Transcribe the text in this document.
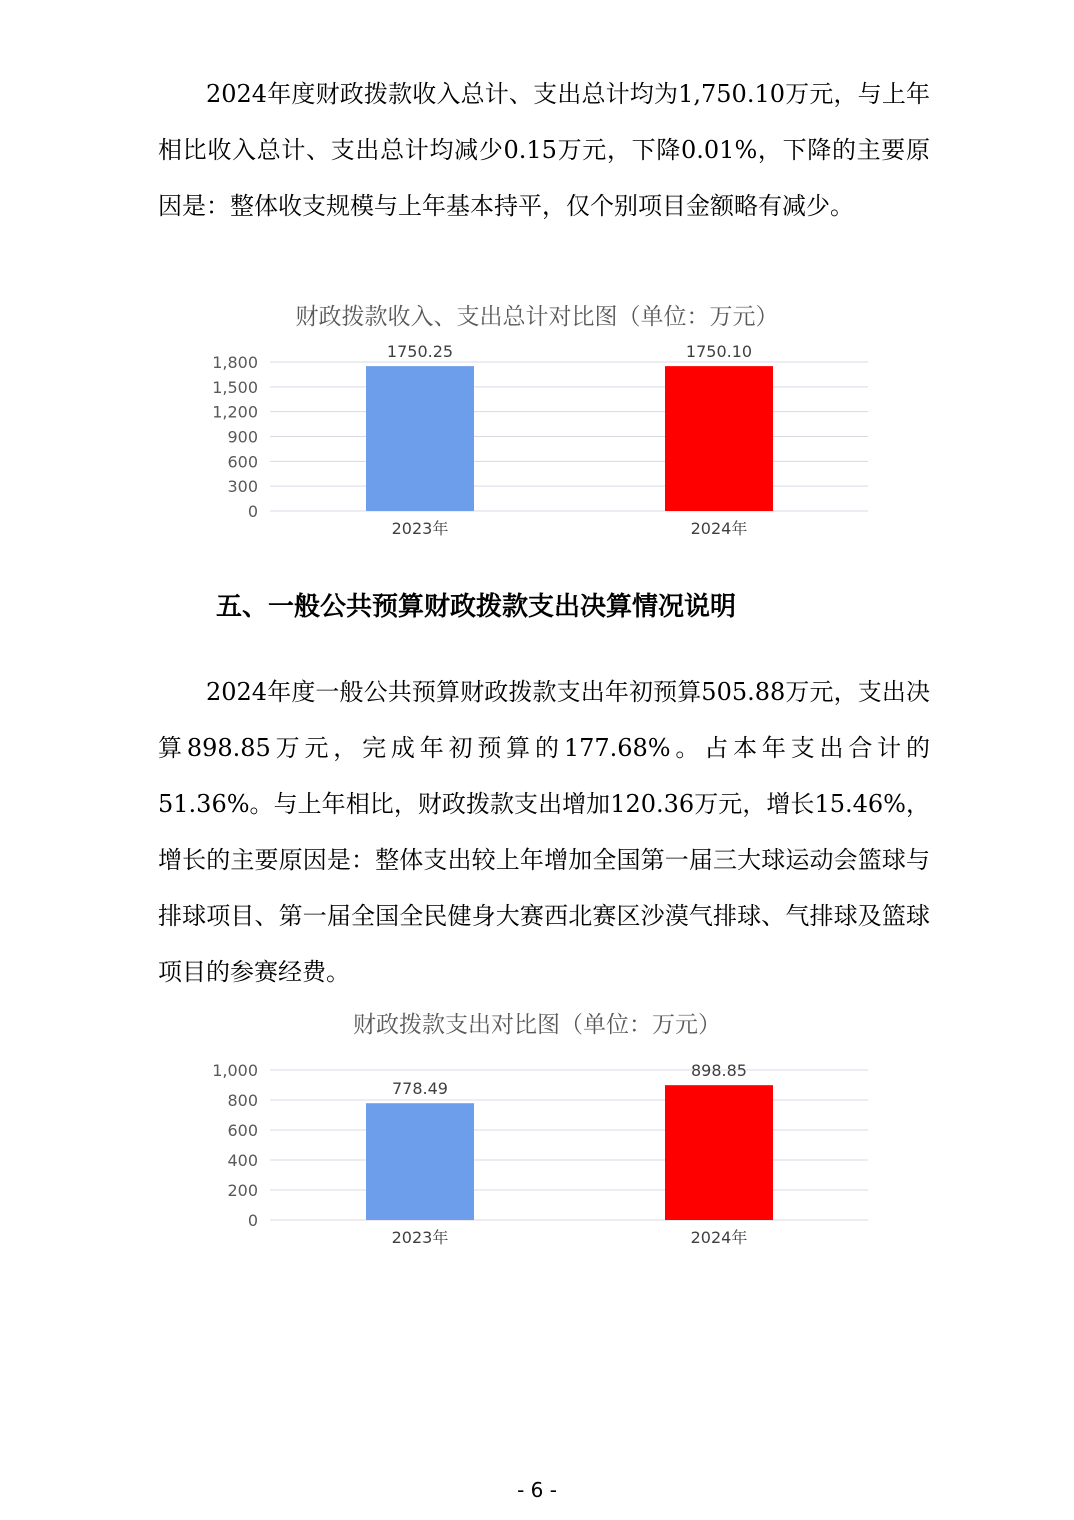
2024年度财政拨款收入总计、支出总计均为1,750.10万元，与上年相比收入总计、支出总计均减少0.15万元，下降0.01%，下降的主要原因是：整体收支规模与上年基本持平，仅个别项目金额略有减少。

财政拨款收入、支出总计对比图（单位：万元）

0
300
600
900
1,200
1,500
1,800
1750.25
2023年
1750.10
2024年
五、一般公共预算财政拨款支出决算情况说明

2024年度一般公共预算财政拨款支出年初预算505.88万元，支出决算898.85万元，完成年初预算的177.68%。占本年支出合计的51.36%。与上年相比，财政拨款支出增加120.36万元，增长15.46%，增长的主要原因是：整体支出较上年增加全国第一届三大球运动会篮球与排球项目、第一届全国全民健身大赛西北赛区沙漠气排球、气排球及篮球项目的参赛经费。

财政拨款支出对比图（单位：万元）

0
200
400
600
800
1,000
778.49
2023年
898.85
2024年
- 6 -
